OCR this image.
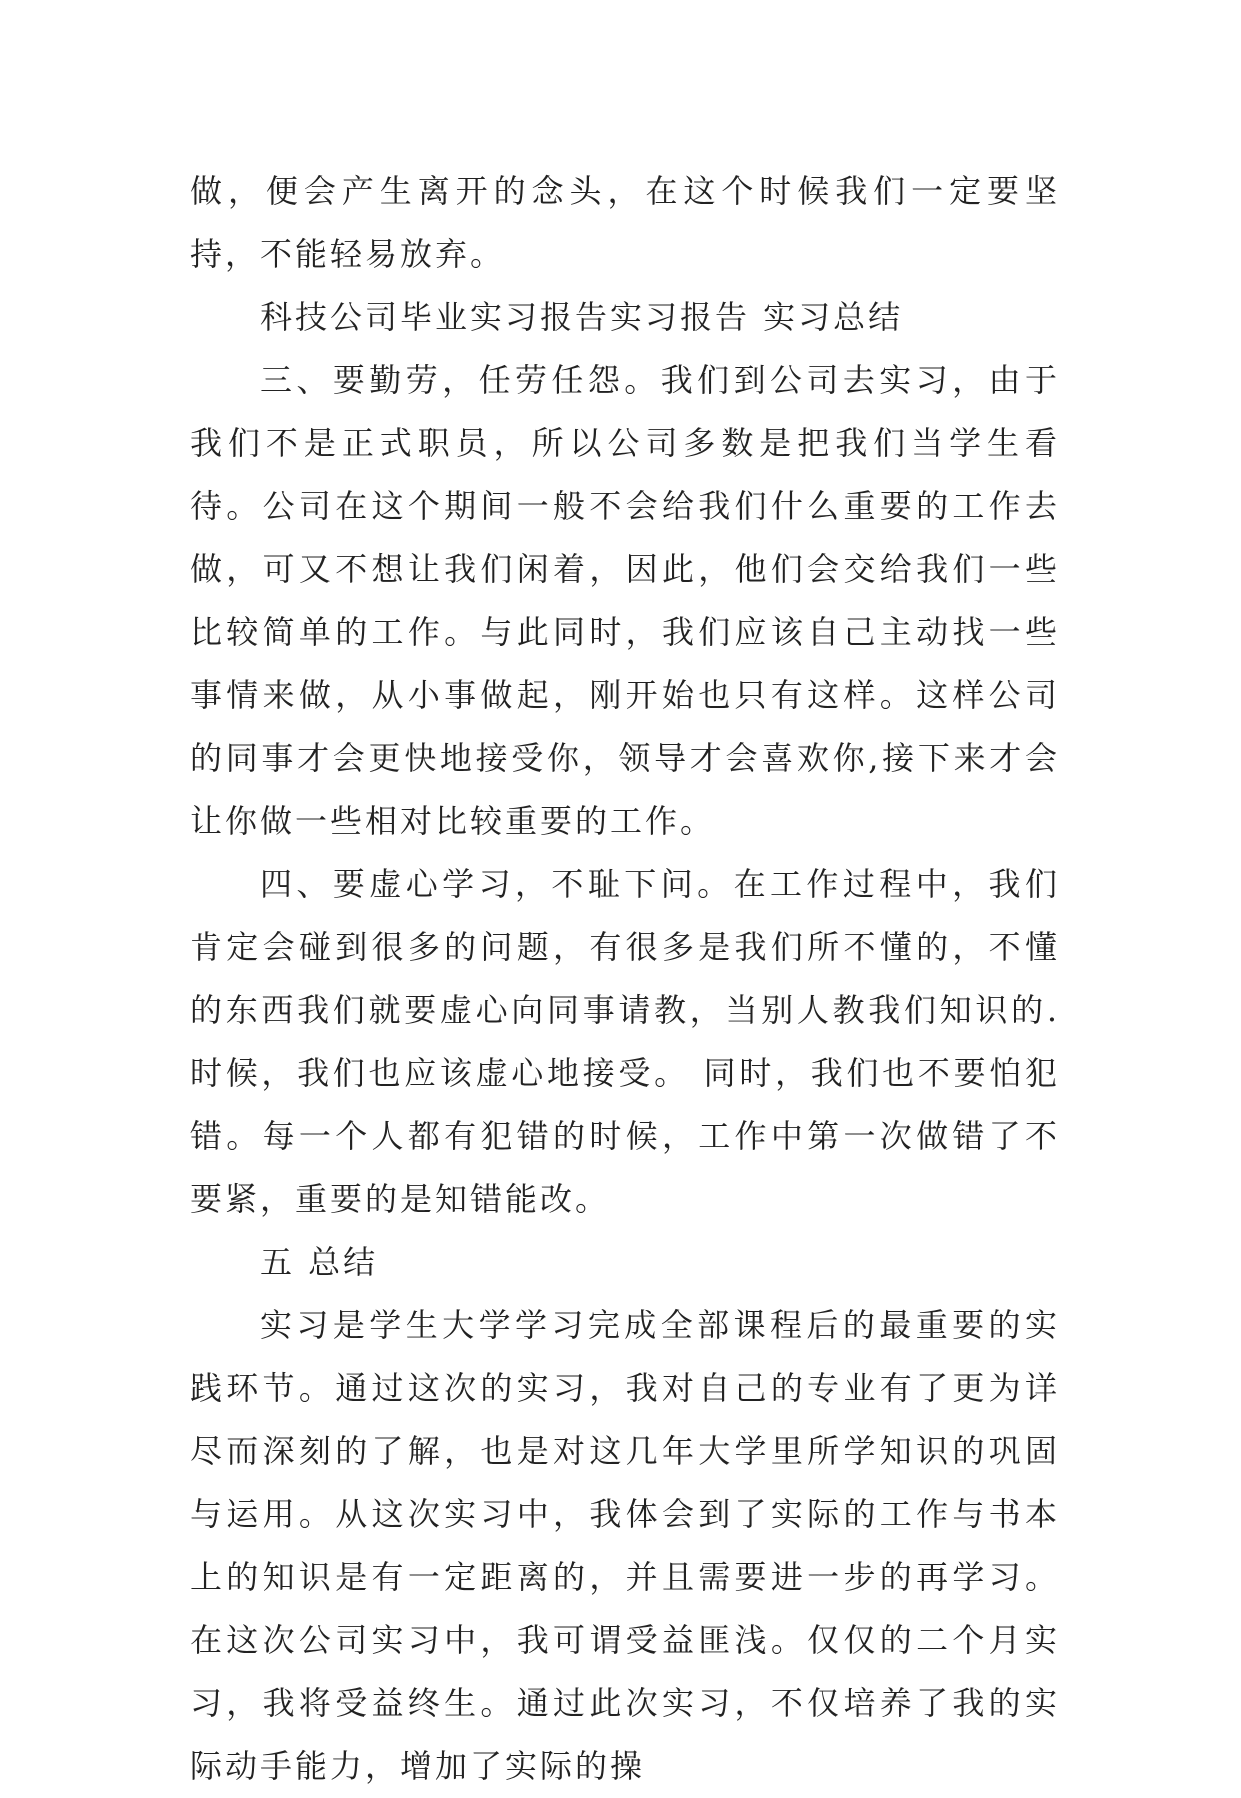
做，便会产生离开的念头，在这个时候我们一定要坚持，不能轻易放弃。

科技公司毕业实习报告实习报告 实习总结

三、要勤劳，任劳任怨。我们到公司去实习，由于我们不是正式职员，所以公司多数是把我们当学生看待。公司在这个期间一般不会给我们什么重要的工作去做，可又不想让我们闲着，因此，他们会交给我们一些比较简单的工作。与此同时，我们应该自己主动找一些事情来做，从小事做起，刚开始也只有这样。这样公司的同事才会更快地接受你，领导才会喜欢你,接下来才会让你做一些相对比较重要的工作。

四、要虚心学习，不耻下问。在工作过程中，我们肯定会碰到很多的问题，有很多是我们所不懂的，不懂的东西我们就要虚心向同事请教，当别人教我们知识的.时候，我们也应该虚心地接受。 同时，我们也不要怕犯错。每一个人都有犯错的时候，工作中第一次做错了不要紧，重要的是知错能改。

五 总结

实习是学生大学学习完成全部课程后的最重要的实践环节。通过这次的实习，我对自己的专业有了更为详尽而深刻的了解，也是对这几年大学里所学知识的巩固与运用。从这次实习中，我体会到了实际的工作与书本上的知识是有一定距离的，并且需要进一步的再学习。在这次公司实习中，我可谓受益匪浅。仅仅的二个月实习，我将受益终生。通过此次实习，不仅培养了我的实际动手能力，增加了实际的操
